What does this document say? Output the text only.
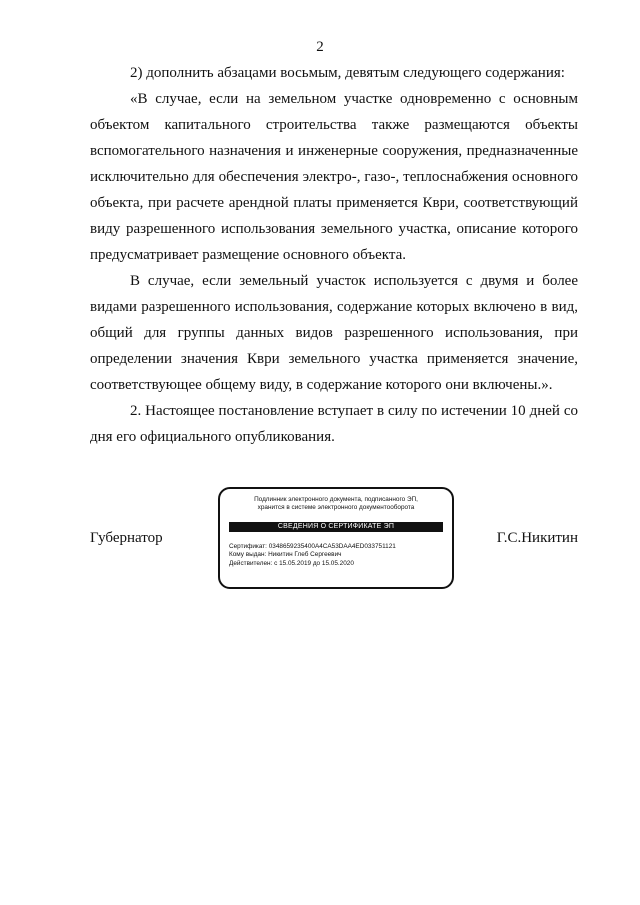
2

2) дополнить абзацами восьмым, девятым следующего содержания:

«В случае, если на земельном участке одновременно с основным объектом капитального строительства также размещаются объекты вспомогательного назначения и инженерные сооружения, предназначенные исключительно для обеспечения электро-, газо-, теплоснабжения основного объекта, при расчете арендной платы применяется Кври, соответствующий виду разрешенного использования земельного участка, описание которого предусматривает размещение основного объекта.

В случае, если земельный участок используется с двумя и более видами разрешенного использования, содержание которых включено в вид, общий для группы данных видов разрешенного использования, при определении значения Кври земельного участка применяется значение, соответствующее общему виду, в содержание которого они включены.».

2. Настоящее постановление вступает в силу по истечении 10 дней со дня его официального опубликования.

Губернатор
Подлинник электронного документа, подписанного ЭП,
хранится в системе электронного документооборота
СВЕДЕНИЯ О СЕРТИФИКАТЕ ЭП
Сертификат: 0348659235400A4CA53DAA4ED033751121
Кому выдан: Никитин Глеб Сергеевич
Действителен: с 15.05.2019 до 15.05.2020
Г.С.Никитин
